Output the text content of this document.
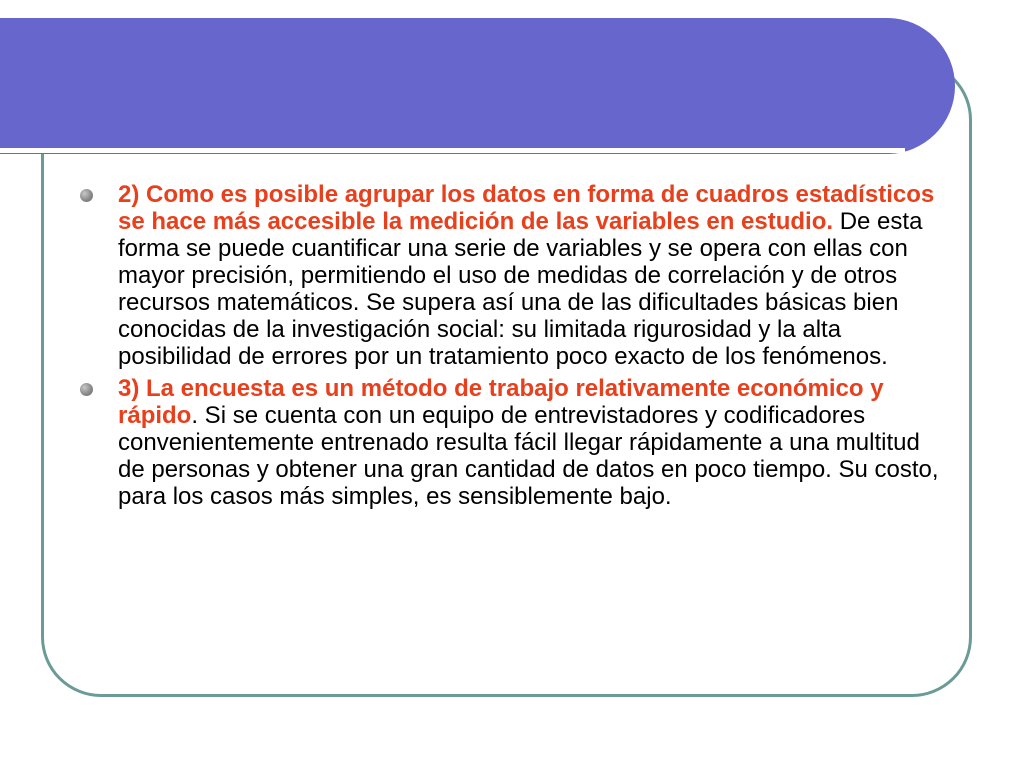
2) Como es posible agrupar los datos en forma de cuadros estadísticos se hace más accesible la medición de las variables en estudio. De esta forma se puede cuantificar una serie de variables y se opera con ellas con mayor precisión, permitiendo el uso de medidas de correlación y de otros recursos matemáticos. Se supera así una de las dificultades básicas bien conocidas de la investigación social: su limitada rigurosidad y la alta posibilidad de errores por un tratamiento poco exacto de los fenómenos.
3) La encuesta es un método de trabajo relativamente económico y rápido. Si se cuenta con un equipo de entrevistadores y codificadores convenientemente entrenado resulta fácil llegar rápidamente a una multitud de personas y obtener una gran cantidad de datos en poco tiempo. Su costo, para los casos más simples, es sensiblemente bajo.
